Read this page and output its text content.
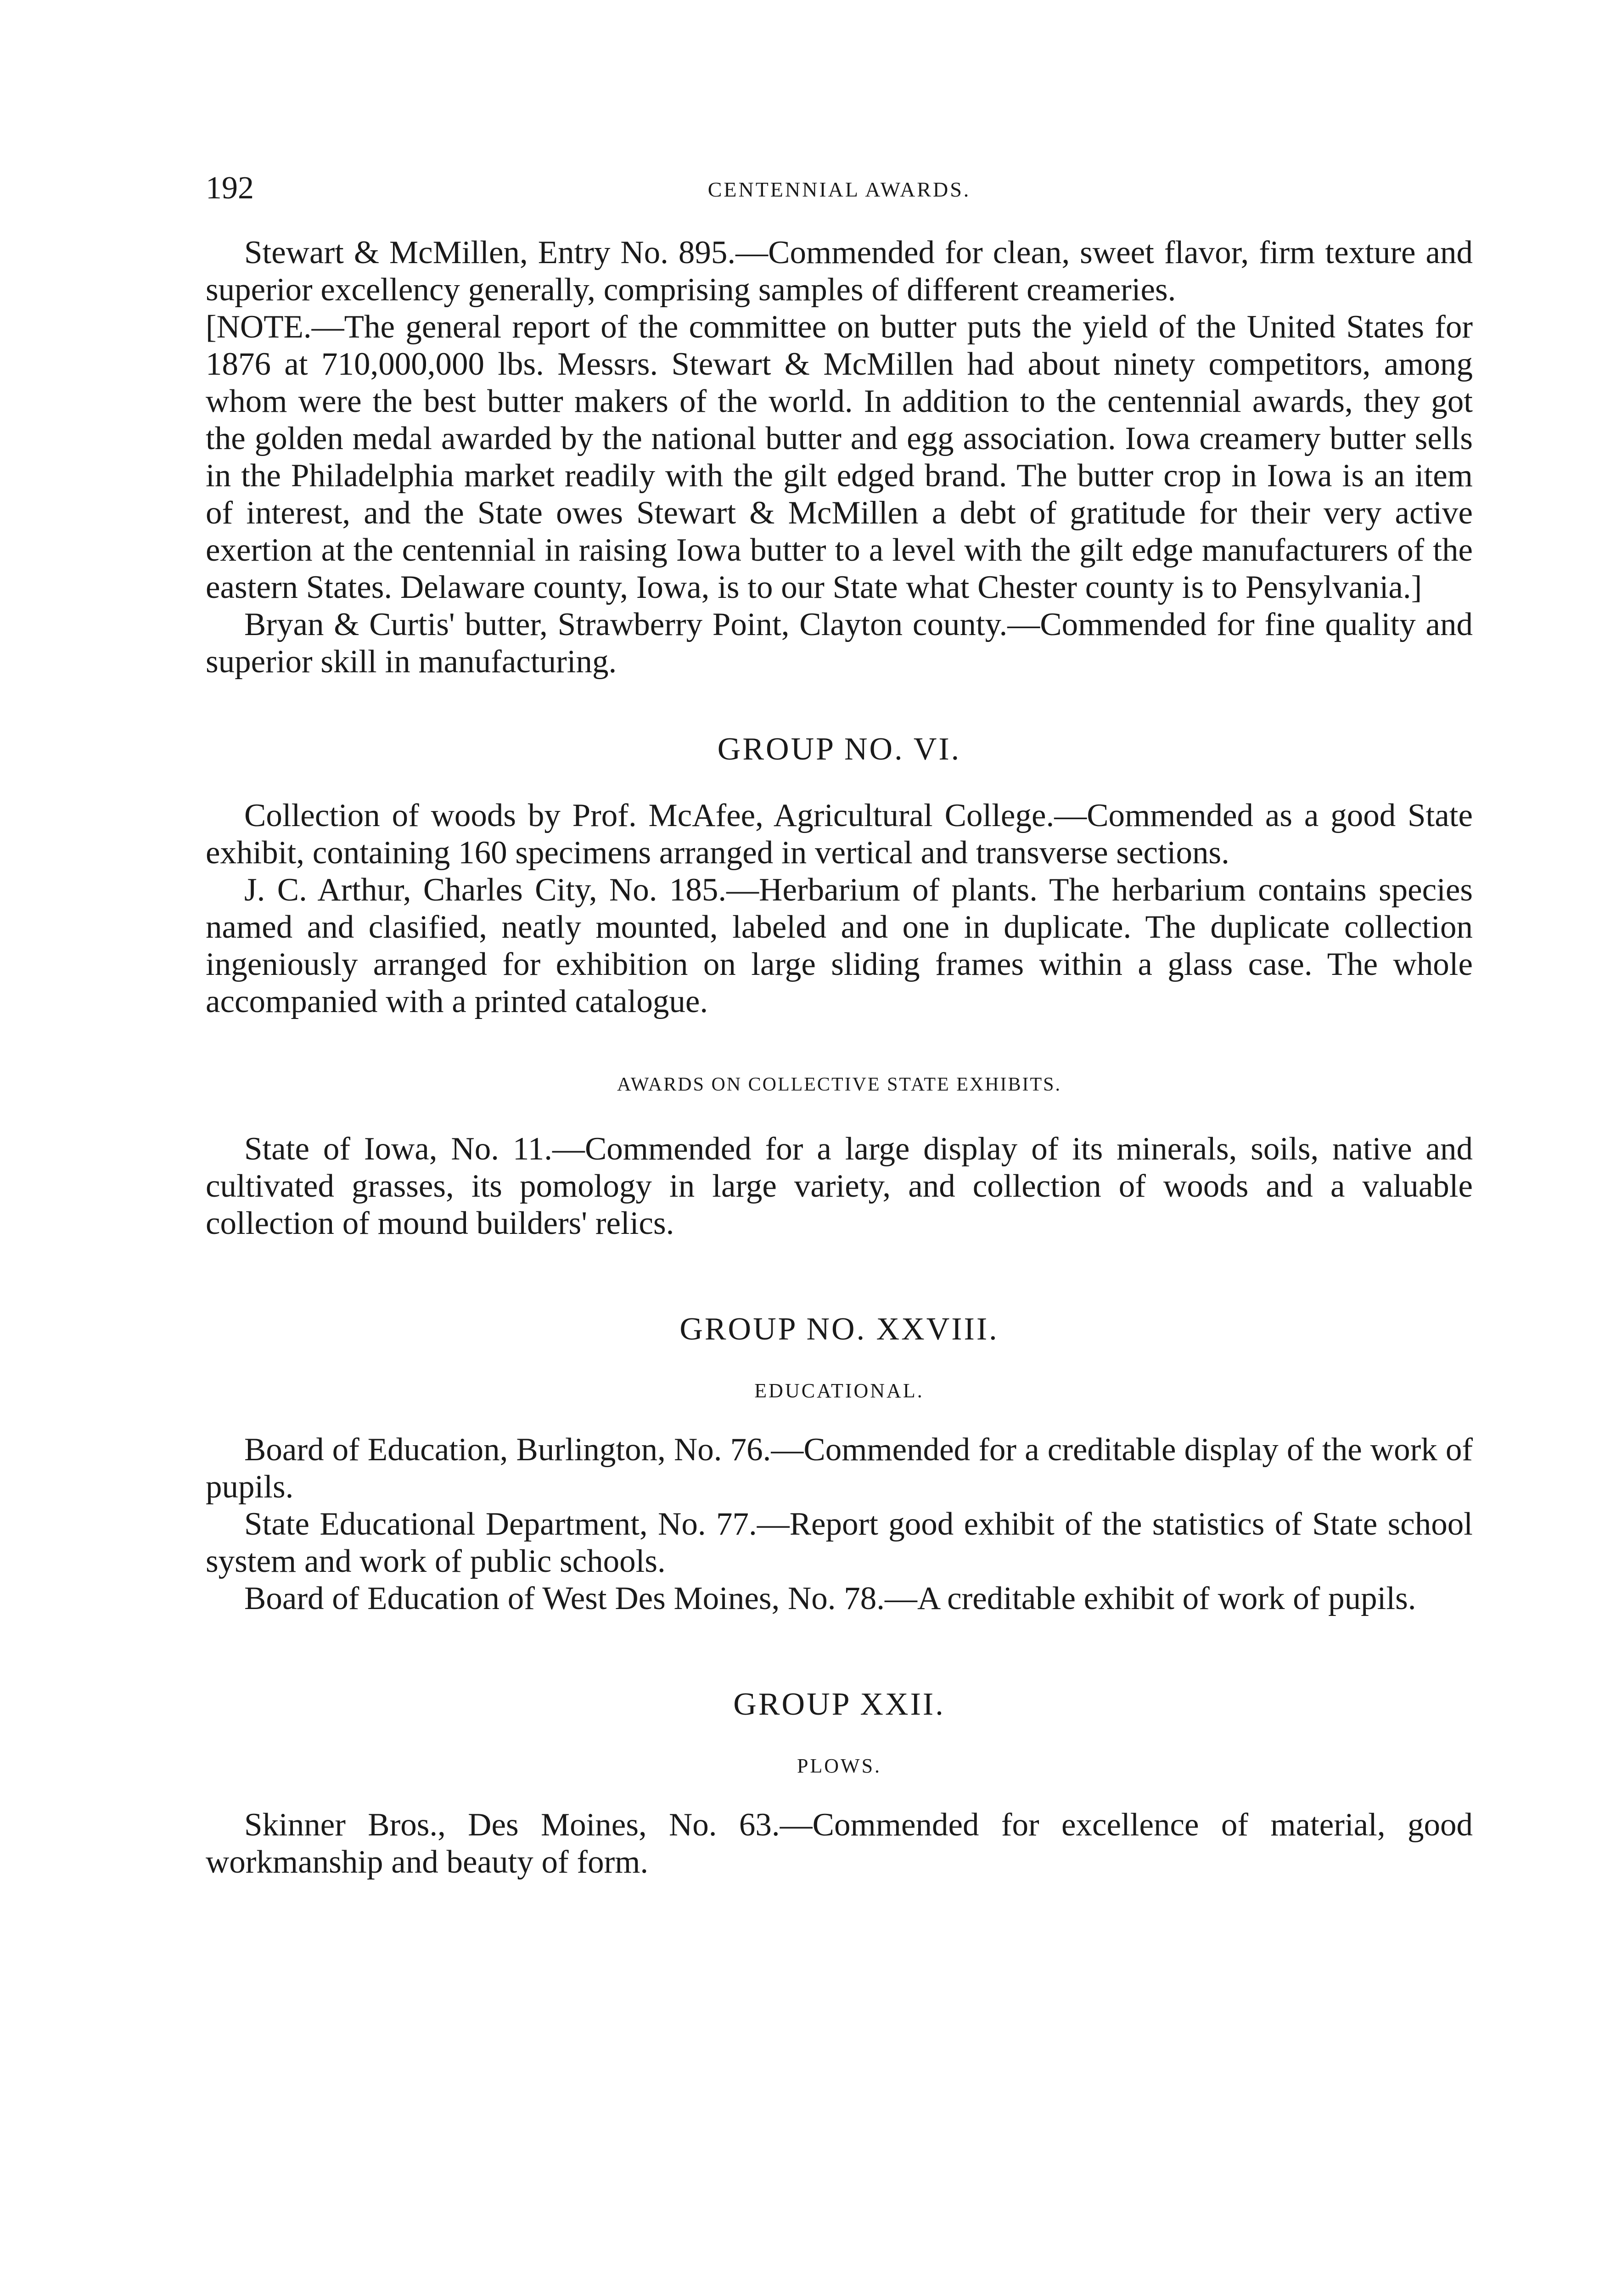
192	CENTENNIAL AWARDS.

Stewart & McMillen, Entry No. 895.—Commended for clean, sweet flavor, firm texture and superior excellency generally, comprising samples of different creameries.

[NOTE.—The general report of the committee on butter puts the yield of the United States for 1876 at 710,000,000 lbs. Messrs. Stewart & McMillen had about ninety competitors, among whom were the best butter makers of the world. In addition to the centennial awards, they got the golden medal awarded by the national butter and egg association. Iowa creamery butter sells in the Philadelphia market readily with the gilt edged brand. The butter crop in Iowa is an item of interest, and the State owes Stewart & McMillen a debt of gratitude for their very active exertion at the centennial in raising Iowa butter to a level with the gilt edge manufacturers of the eastern States. Delaware county, Iowa, is to our State what Chester county is to Pensylvania.]

Bryan & Curtis' butter, Strawberry Point, Clayton county.—Commended for fine quality and superior skill in manufacturing.

GROUP NO. VI.

Collection of woods by Prof. McAfee, Agricultural College.—Commended as a good State exhibit, containing 160 specimens arranged in vertical and transverse sections.

J. C. Arthur, Charles City, No. 185.—Herbarium of plants. The herbarium contains species named and clasified, neatly mounted, labeled and one in duplicate. The duplicate collection ingeniously arranged for exhibition on large sliding frames within a glass case. The whole accompanied with a printed catalogue.

AWARDS ON COLLECTIVE STATE EXHIBITS.

State of Iowa, No. 11.—Commended for a large display of its minerals, soils, native and cultivated grasses, its pomology in large variety, and collection of woods and a valuable collection of mound builders' relics.

GROUP NO. XXVIII.
EDUCATIONAL.

Board of Education, Burlington, No. 76.—Commended for a creditable display of the work of pupils.

State Educational Department, No. 77.—Report good exhibit of the statistics of State school system and work of public schools.

Board of Education of West Des Moines, No. 78.—A creditable exhibit of work of pupils.

GROUP XXII.
PLOWS.

Skinner Bros., Des Moines, No. 63.—Commended for excellence of material, good workmanship and beauty of form.
